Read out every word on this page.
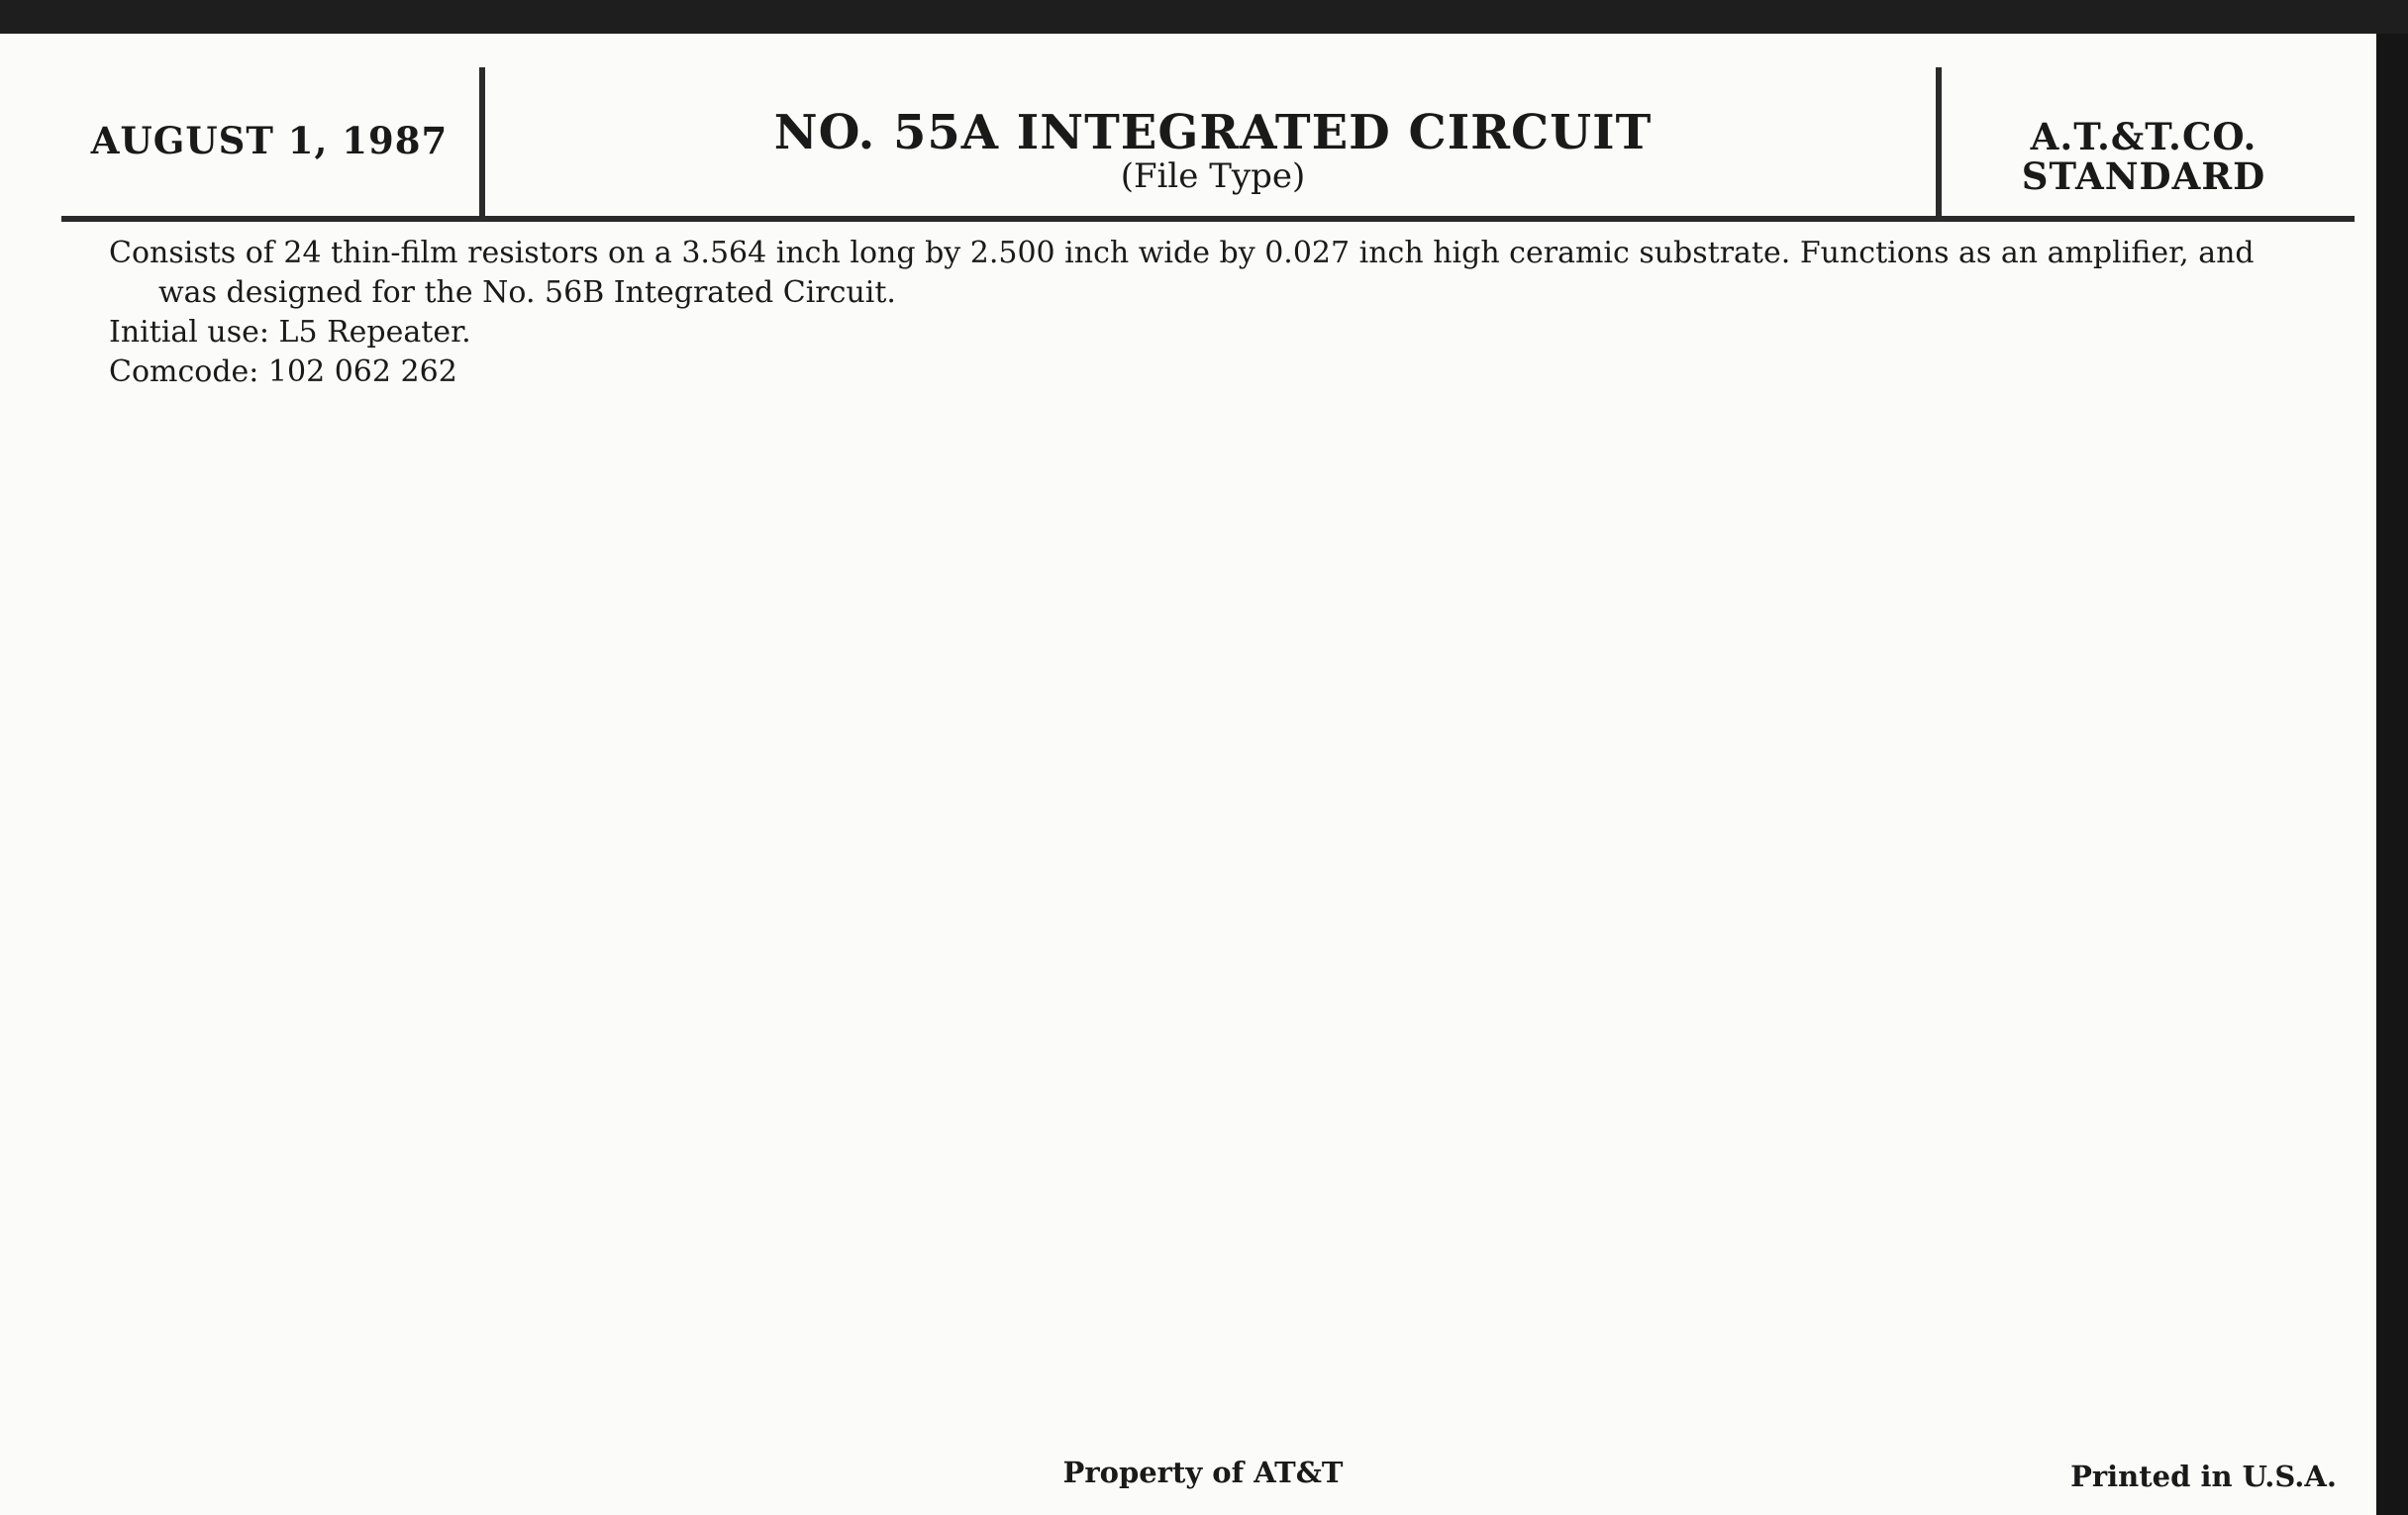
AUGUST 1, 1987	NO. 55A INTEGRATED CIRCUIT
(File Type)
A.T.&T.CO.
STANDARD

Consists of 24 thin-film resistors on a 3.564 inch long by 2.500 inch wide by 0.027 inch high ceramic substrate. Functions as an amplifier, and was designed for the No. 56B Integrated Circuit.

Initial use: L5 Repeater.

Comcode: 102 062 262

Property of AT&T	Printed in U.S.A.
